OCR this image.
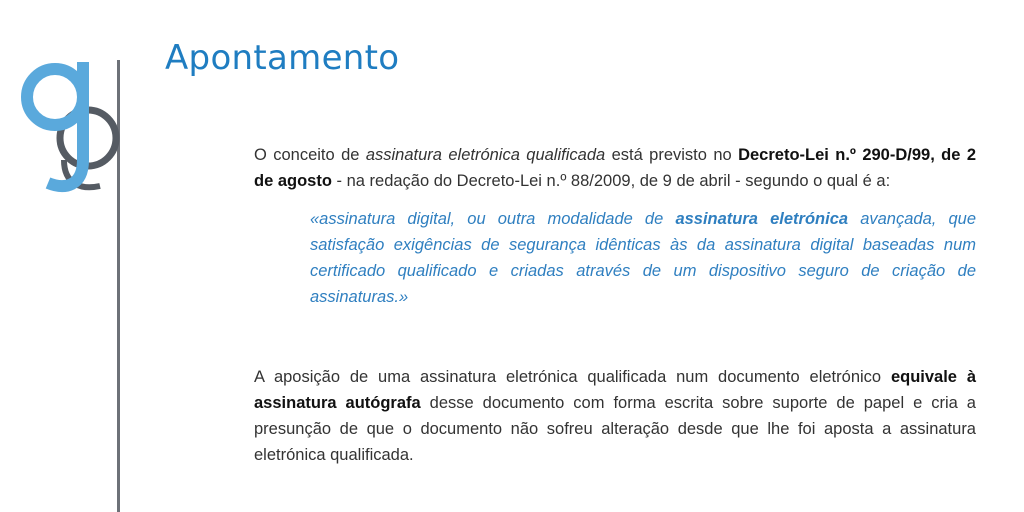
Apontamento

O conceito de assinatura eletrónica qualificada está previsto no Decreto-Lei n.º 290-D/99, de 2 de agosto - na redação do Decreto-Lei n.º 88/2009, de 9 de abril - segundo o qual é a:

«assinatura digital, ou outra modalidade de assinatura eletrónica avançada, que satisfação exigências de segurança idênticas às da assinatura digital baseadas num certificado qualificado e criadas através de um dispositivo seguro de criação de assinaturas.»

A aposição de uma assinatura eletrónica qualificada num documento eletrónico equivale à assinatura autógrafa desse documento com forma escrita sobre suporte de papel e cria a presunção de que o documento não sofreu alteração desde que lhe foi aposta a assinatura eletrónica qualificada.
